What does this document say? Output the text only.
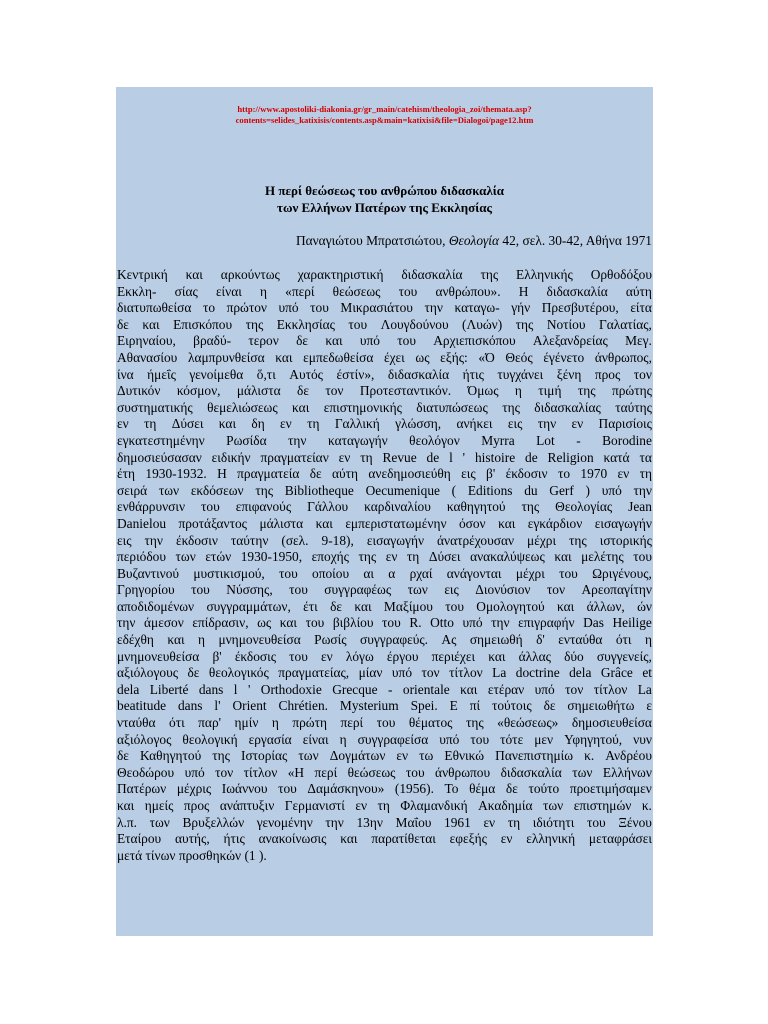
http://www.apostoliki-diakonia.gr/gr_main/catehism/theologia_zoi/themata.asp?
contents=selides_katixisis/contents.asp&main=katixisi&file=Dialogoi/page12.htm
Η περί θεώσεως του ανθρώπου διδασκαλία
των Ελλήνων Πατέρων της Εκκλησίας
Παναγιώτου Μπρατσιώτου, Θεολογία 42, σελ. 30-42, Αθήνα 1971
Κεντρική και αρκούντως χαρακτηριστική διδασκαλία της Ελληνικής Ορθοδόξου
Εκκλη- σίας είναι η «περί θεώσεως του ανθρώπου». Η διδασκαλία αύτη
διατυπωθείσα το πρώτον υπό του Μικρασιάτου την καταγω- γήν Πρεσβυτέρου, είτα
δε και Επισκόπου της Εκκλησίας του Λουγδούνου (Λυών) της Νοτίου Γαλατίας,
Ειρηναίου, βραδύ- τερον δε και υπό του Αρχιεπισκόπου Αλεξανδρείας Μεγ.
Αθανασίου λαμπρυνθείσα και εμπεδωθείσα έχει ως εξής: «Ό Θεός έγένετο άνθρωπος,
ίνα ήμεΐς γενοίμεθα ὅ,τι Αυτός έστίν», διδασκαλία ήτις τυγχάνει ξένη προς τον
Δυτικόν κόσμον, μάλιστα δε τον Προτεσταντικόν. Όμως η τιμή της πρώτης
συστηματικής θεμελιώσεως και επιστημονικής διατυπώσεως της διδασκαλίας ταύτης
εν τη Δύσει και δη εν τη Γαλλική γλώσση, ανήκει εις την εν Παρισίοις
εγκατεστημένην Ρωσίδα την καταγωγήν θεολόγον Myrra Lot - Borodine
δημοσιεύσασαν ειδικήν πραγματείαν εν τη Revue de l ' histoire de Religion κατά τα
έτη 1930-1932. Η πραγματεία δε αύτη ανεδημοσιεύθη εις β' έκδοσιν το 1970 εν τη
σειρά των εκδόσεων της Bibliotheque Oecumenique ( Editions du Gerf ) υπό την
ενθάρρυνσιν του επιφανούς Γάλλου καρδιναλίου καθηγητού της Θεολογίας Jean
Danielou προτάξαντος μάλιστα και εμπεριστατωμένην όσον και εγκάρδιον εισαγωγήν
εις την έκδοσιν ταύτην (σελ. 9-18), εισαγωγήν άνατρέχουσαν μέχρι της ιστορικής
περιόδου των ετών 1930-1950, εποχής της εν τη Δύσει ανακαλύψεως και μελέτης του
Βυζαντινού μυστικισμού, του οποίου αι α ρχαί ανάγονται μέχρι του Ωριγένους,
Γρηγορίου του Νύσσης, του συγγραφέως των εις Διονύσιον τον Αρεοπαγίτην
αποδιδομένων συγγραμμάτων, έτι δε και Μαξίμου του Ομολογητού και άλλων, ών
την άμεσον επίδρασιν, ως και του βιβλίου του R. Otto υπό την επιγραφήν Das Heilige
εδέχθη και η μνημονευθείσα Ρωσίς συγγραφεύς. Ας σημειωθή δ' ενταύθα ότι η
μνημονευθείσα β' έκδοσις του εν λόγω έργου περιέχει και άλλας δύο συγγενείς,
αξιόλογους δε θεολογικός πραγματείας, μίαν υπό τον τίτλον La doctrine dela Grâce et
dela Liberté dans l ' Orthodoxie Grecque - orientale και ετέραν υπό τον τίτλον La
beatitude dans l' Orient Chrétien. Mysterium Spei. Ε πί τούτοις δε σημειωθήτω ε
νταύθα ότι παρ' ημίν η πρώτη περί του θέματος της «θεώσεως» δημοσιευθείσα
αξιόλογος θεολογική εργασία είναι η συγγραφείσα υπό του τότε μεν Υφηγητού, νυν
δε Καθηγητού της Ιστορίας των Δογμάτων εν τω Εθνικώ Πανεπιστημίω κ. Ανδρέου
Θεοδώρου υπό τον τίτλον «Η περί θεώσεως του άνθρωπου διδασκαλία των Ελλήνων
Πατέρων μέχρις Ιωάννου του Δαμάσκηνου» (1956). Το θέμα δε τούτο προετιμήσαμεν
και ημείς προς ανάπτυξιν Γερμανιστί εν τη Φλαμανδική Ακαδημία των επιστημών κ.
λ.π. των Βρυξελλών γενομένην την 13ην Μαΐου 1961 εν τη ιδιότητι του Ξένου
Εταίρου αυτής, ήτις ανακοίνωσις και παρατίθεται εφεξής εν ελληνική μεταφράσει
μετά τίνων προσθηκών (1 ).
